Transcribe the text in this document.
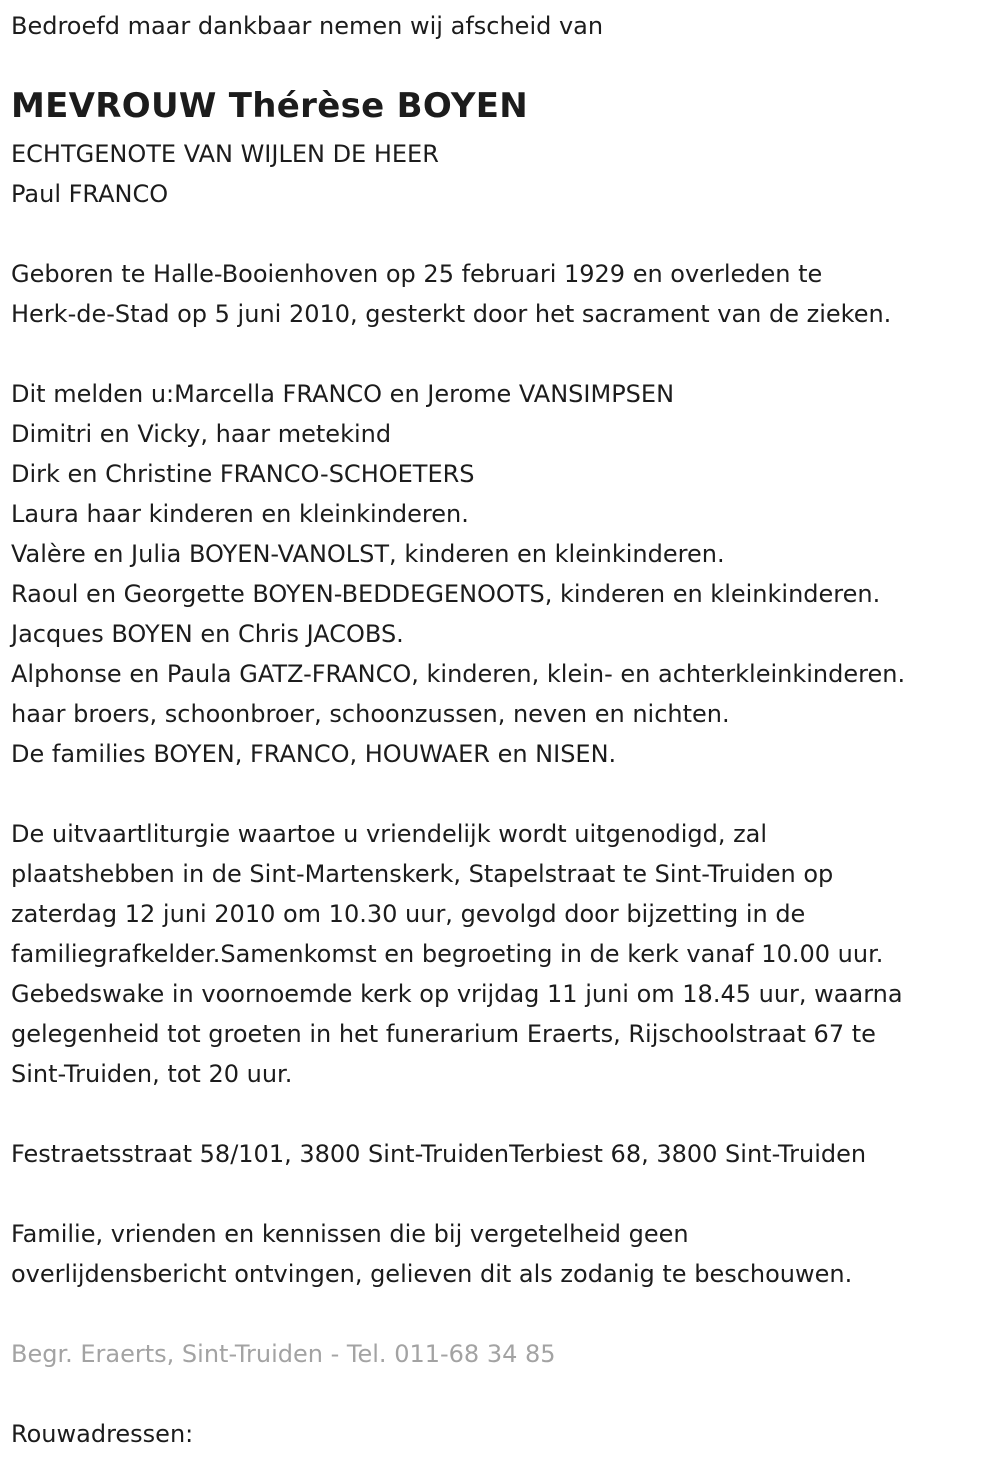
Bedroefd maar dankbaar nemen wij afscheid van
MEVROUW Thérèse BOYEN
ECHTGENOTE VAN WIJLEN DE HEER
Paul FRANCO
Geboren te Halle-Booienhoven op 25 februari 1929 en overleden te
Herk-de-Stad op 5 juni 2010, gesterkt door het sacrament van de zieken.
Dit melden u:Marcella FRANCO en Jerome VANSIMPSEN
Dimitri en Vicky, haar metekind
Dirk en Christine FRANCO-SCHOETERS
Laura haar kinderen en kleinkinderen.
Valère en Julia BOYEN-VANOLST, kinderen en kleinkinderen.
Raoul en Georgette BOYEN-BEDDEGENOOTS, kinderen en kleinkinderen.
Jacques BOYEN en Chris JACOBS.
Alphonse en Paula GATZ-FRANCO, kinderen, klein- en achterkleinkinderen.
haar broers, schoonbroer, schoonzussen, neven en nichten.
De families BOYEN, FRANCO, HOUWAER en NISEN.
De uitvaartliturgie waartoe u vriendelijk wordt uitgenodigd, zal
plaatshebben in de Sint-Martenskerk, Stapelstraat te Sint-Truiden op
zaterdag 12 juni 2010 om 10.30 uur, gevolgd door bijzetting in de
familiegrafkelder.Samenkomst en begroeting in de kerk vanaf 10.00 uur.
Gebedswake in voornoemde kerk op vrijdag 11 juni om 18.45 uur, waarna
gelegenheid tot groeten in het funerarium Eraerts, Rijschoolstraat 67 te
Sint-Truiden, tot 20 uur.
Festraetsstraat 58/101, 3800 Sint-TruidenTerbiest 68, 3800 Sint-Truiden
Familie, vrienden en kennissen die bij vergetelheid geen
overlijdensbericht ontvingen, gelieven dit als zodanig te beschouwen.
Begr. Eraerts, Sint-Truiden - Tel. 011-68 34 85
Rouwadressen:
